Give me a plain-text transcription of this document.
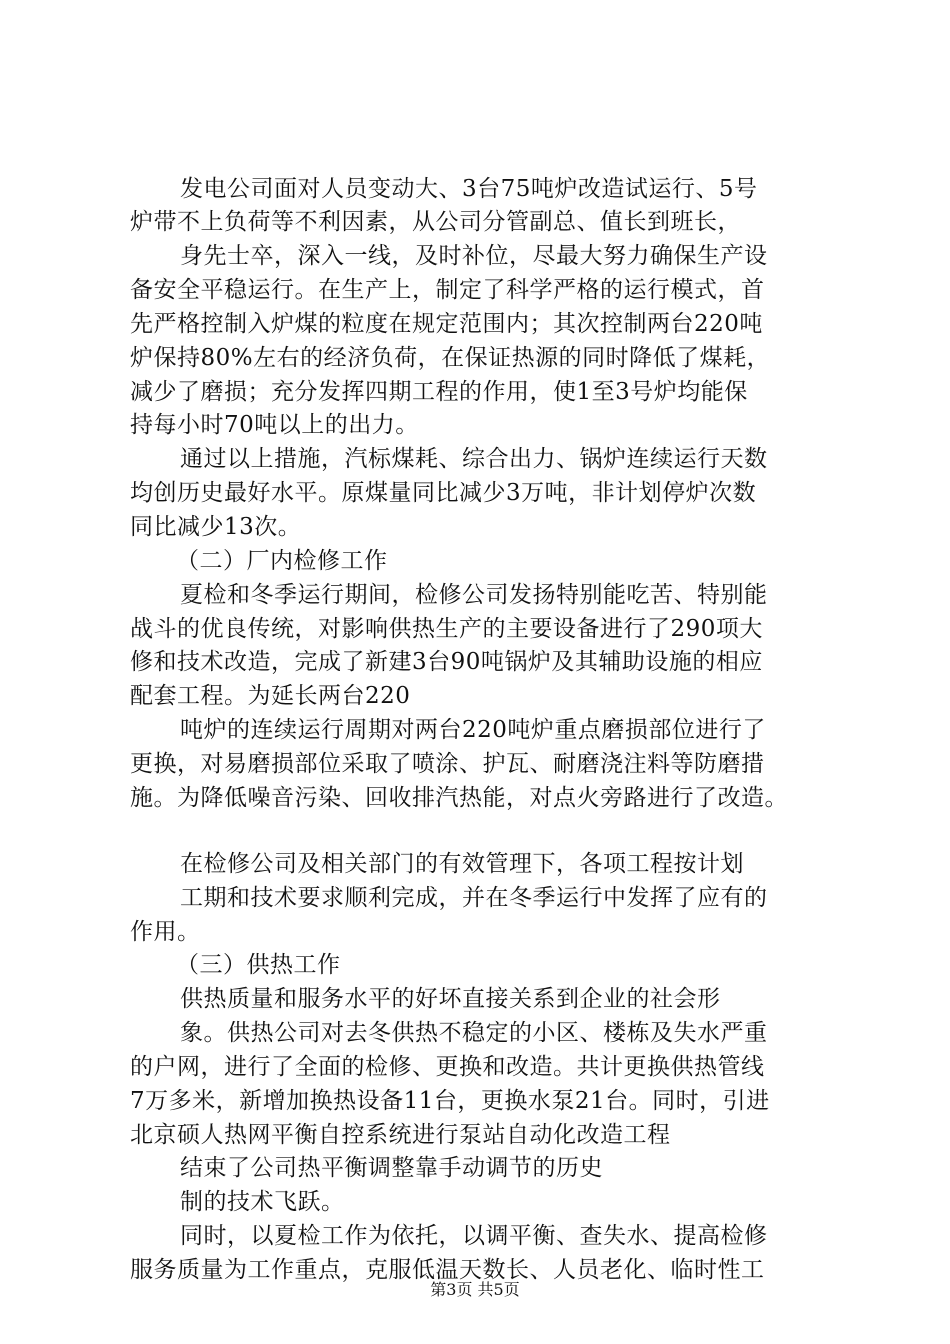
发电公司面对人员变动大、3台75吨炉改造试运行、5号
炉带不上负荷等不利因素，从公司分管副总、值长到班长，
身先士卒，深入一线，及时补位，尽最大努力确保生产设
备安全平稳运行。在生产上，制定了科学严格的运行模式，首
先严格控制入炉煤的粒度在规定范围内；其次控制两台220吨
炉保持80%左右的经济负荷，在保证热源的同时降低了煤耗，
减少了磨损；充分发挥四期工程的作用，使1至3号炉均能保
持每小时70吨以上的出力。
通过以上措施，汽标煤耗、综合出力、锅炉连续运行天数
均创历史最好水平。原煤量同比减少3万吨，非计划停炉次数
同比减少13次。
（二）厂内检修工作
夏检和冬季运行期间，检修公司发扬特别能吃苦、特别能
战斗的优良传统，对影响供热生产的主要设备进行了290项大
修和技术改造，完成了新建3台90吨锅炉及其辅助设施的相应
配套工程。为延长两台220
吨炉的连续运行周期对两台220吨炉重点磨损部位进行了
更换，对易磨损部位采取了喷涂、护瓦、耐磨浇注料等防磨措
施。为降低噪音污染、回收排汽热能，对点火旁路进行了改造。
在检修公司及相关部门的有效管理下，各项工程按计划
工期和技术要求顺利完成，并在冬季运行中发挥了应有的
作用。
（三）供热工作
供热质量和服务水平的好坏直接关系到企业的社会形
象。供热公司对去冬供热不稳定的小区、楼栋及失水严重
的户网，进行了全面的检修、更换和改造。共计更换供热管线
7万多米，新增加换热设备11台，更换水泵21台。同时，引进
北京硕人热网平衡自控系统进行泵站自动化改造工程
结束了公司热平衡调整靠手动调节的历史
制的技术飞跃。
同时，以夏检工作为依托，以调平衡、查失水、提高检修
服务质量为工作重点，克服低温天数长、人员老化、临时性工
第3页 共5页
